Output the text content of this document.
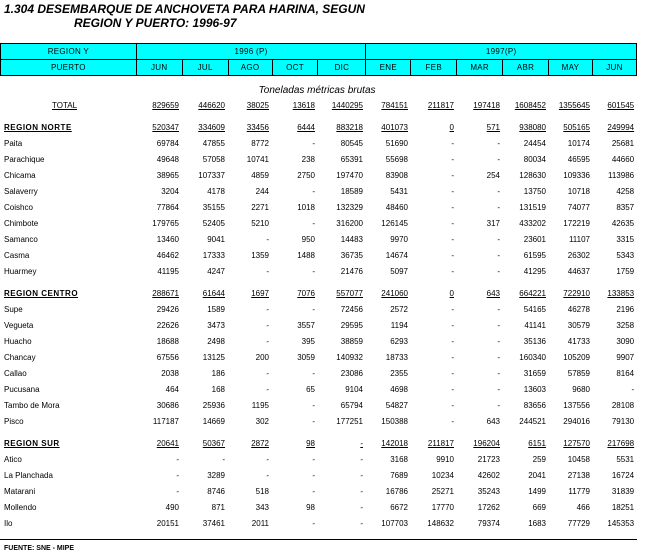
1.304 DESEMBARQUE DE ANCHOVETA PARA HARINA, SEGUN
REGION Y PUERTO: 1996-97
REGION Y	1996 (P)					1997(P)					
PUERTO	JUN	JUL	AGO	OCT	DIC	ENE	FEB	MAR	ABR	MAY	JUN
Toneladas métricas brutas											
TOTAL	829659	446620	38025	13618	1440295	784151	211817	197418	1608452	1355645	601545

REGION NORTE	520347	334609	33456	6444	883218	401073	0	571	938080	505165	249994
Paita	69784	47855	8772	-	80545	51690	-	-	24454	10174	25681
Parachique	49648	57058	10741	238	65391	55698	-	-	80034	46595	44660
Chicama	38965	107337	4859	2750	197470	83908	-	254	128630	109336	113986
Salaverry	3204	4178	244	-	18589	5431	-	-	13750	10718	4258
Coishco	77864	35155	2271	1018	132329	48460	-	-	131519	74077	8357
Chimbote	179765	52405	5210	-	316200	126145	-	317	433202	172219	42635
Samanco	13460	9041	-	950	14483	9970	-	-	23601	11107	3315
Casma	46462	17333	1359	1488	36735	14674	-	-	61595	26302	5343
Huarmey	41195	4247	-	-	21476	5097	-	-	41295	44637	1759

REGION CENTRO	288671	61644	1697	7076	557077	241060	0	643	664221	722910	133853
Supe	29426	1589	-	-	72456	2572	-	-	54165	46278	2196
Vegueta	22626	3473	-	3557	29595	1194	-	-	41141	30579	3258
Huacho	18688	2498	-	395	38859	6293	-	-	35136	41733	3090
Chancay	67556	13125	200	3059	140932	18733	-	-	160340	105209	9907
Callao	2038	186	-	-	23086	2355	-	-	31659	57859	8164
Pucusana	464	168	-	65	9104	4698	-	-	13603	9680	-
Tambo de Mora	30686	25936	1195	-	65794	54827	-	-	83656	137556	28108
Pisco	117187	14669	302	-	177251	150388	-	643	244521	294016	79130

REGION SUR	20641	50367	2872	98	-	142018	211817	196204	6151	127570	217698
Atico	-	-	-	-	-	3168	9910	21723	259	10458	5531
La Planchada	-	3289	-	-	-	7689	10234	42602	2041	27138	16724
Matarani	-	8746	518	-	-	16786	25271	35243	1499	11779	31839
Mollendo	490	871	343	98	-	6672	17770	17262	669	466	18251
Ilo	20151	37461	2011	-	-	107703	148632	79374	1683	77729	145353
FUENTE: SNE - MIPE
